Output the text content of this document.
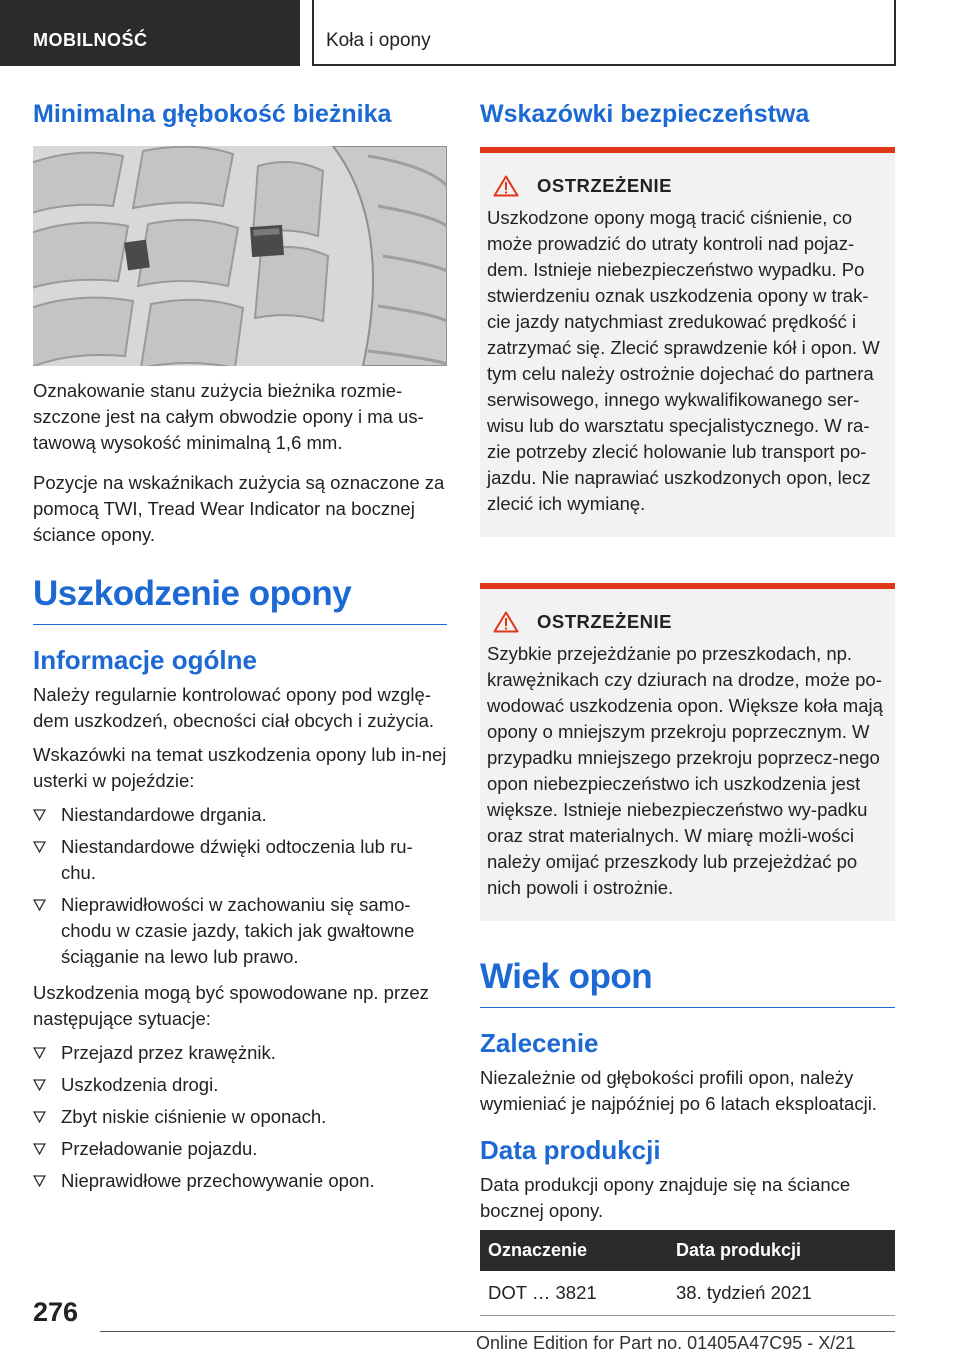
MOBILNOŚĆ	Koła i opony
Minimalna głębokość bieżnika

Oznakowanie stanu zużycia bieżnika rozmie-szczone jest na całym obwodzie opony i ma us-tawową wysokość minimalną 1,6 mm.

Pozycje na wskaźnikach zużycia są oznaczone za pomocą TWI, Tread Wear Indicator na bocznej ściance opony.

Uszkodzenie opony
Informacje ogólne

Należy regularnie kontrolować opony pod wzglę-dem uszkodzeń, obecności ciał obcych i zużycia.

Wskazówki na temat uszkodzenia opony lub in-nej usterki w pojeździe:

Niestandardowe drgania.
Niestandardowe dźwięki odtoczenia lub ru-chu.
Nieprawidłowości w zachowaniu się samo-chodu w czasie jazdy, takich jak gwałtowne ściąganie na lewo lub prawo.

Uszkodzenia mogą być spowodowane np. przez następujące sytuacje:

Przejazd przez krawężnik.
Uszkodzenia drogi.
Zbyt niskie ciśnienie w oponach.
Przeładowanie pojazdu.
Nieprawidłowe przechowywanie opon.
Wskazówki bezpieczeństwa
OSTRZEŻENIE

Uszkodzone opony mogą tracić ciśnienie, co może prowadzić do utraty kontroli nad pojaz-dem. Istnieje niebezpieczeństwo wypadku. Po stwierdzeniu oznak uszkodzenia opony w trak-cie jazdy natychmiast zredukować prędkość i zatrzymać się. Zlecić sprawdzenie kół i opon. W tym celu należy ostrożnie dojechać do partnera serwisowego, innego wykwalifikowanego ser-wisu lub do warsztatu specjalistycznego. W ra-zie potrzeby zlecić holowanie lub transport po-jazdu. Nie naprawiać uszkodzonych opon, lecz zlecić ich wymianę.

OSTRZEŻENIE

Szybkie przejeżdżanie po przeszkodach, np. krawężnikach czy dziurach na drodze, może po-wodować uszkodzenia opon. Większe koła mają opony o mniejszym przekroju poprzecznym. W przypadku mniejszego przekroju poprzecz-nego opon niebezpieczeństwo ich uszkodzenia jest większe. Istnieje niebezpieczeństwo wy-padku oraz strat materialnych. W miarę możli-wości należy omijać przeszkody lub przejeżdżać po nich powoli i ostrożnie.

Wiek opon
Zalecenie

Niezależnie od głębokości profili opon, należy wymieniać je najpóźniej po 6 latach eksploatacji.

Data produkcji

Data produkcji opony znajduje się na ściance bocznej opony.

Oznaczenie	Data produkcji
DOT … 3821	38. tydzień 2021
276
Online Edition for Part no. 01405A47C95 - X/21
